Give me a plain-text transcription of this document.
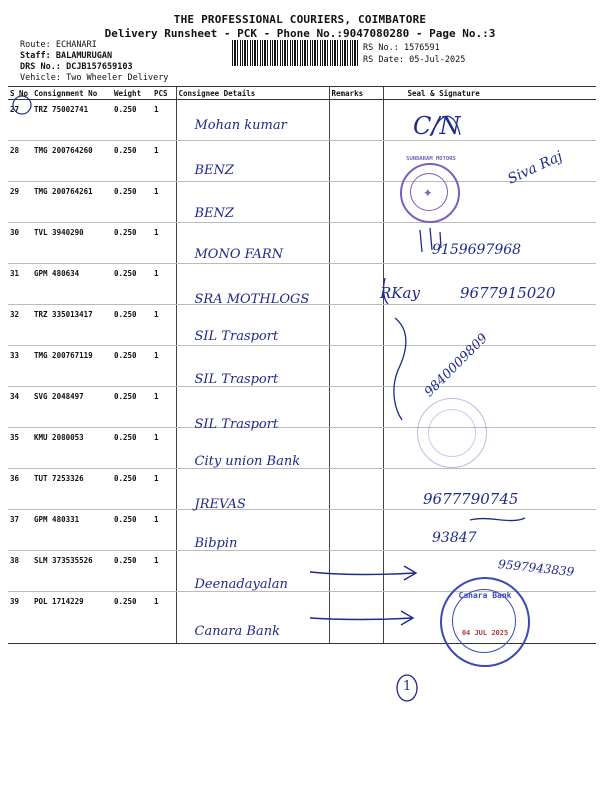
THE PROFESSIONAL COURIERS, COIMBATORE
Delivery Runsheet - PCK - Phone No.:9047080280 - Page No.:3
Route: ECHANARI
Staff: BALAMURUGAN
DRS No.: DCJB157659103
Vehicle: Two Wheeler Delivery
RS No.: 1576591
RS Date: 05-Jul-2025
S No	Consignment No	Weight	PCS	Consignee Details	Remarks	Seal & Signature
27	TRZ 75002741	0.250	1	Mohan kumar		

28	TMG 200764260	0.250	1	BENZ		

29	TMG 200764261	0.250	1	BENZ		

30	TVL 3940290	0.250	1	MONO FARN		

31	GPM 480634	0.250	1	SRA MOTHLOGS		

32	TRZ 335013417	0.250	1	SIL Trasport		

33	TMG 200767119	0.250	1	SIL Trasport		

34	SVG 2048497	0.250	1	SIL Trasport		

35	KMU 2080053	0.250	1	City union Bank		

36	TUT 7253326	0.250	1	JREVAS		

37	GPM 480331	0.250	1	Bibpin		

38	SLM 373535526	0.250	1	Deenadayalan		

39	POL 1714229	0.250	1	Canara Bank		

✦
SUNDARAM MOTORS
Canara Bank
04 JUL 2025
C/N
Siva Raj
9159697968
RKay	9677915020
9840009809
9677790745
93847
9597943839
1
